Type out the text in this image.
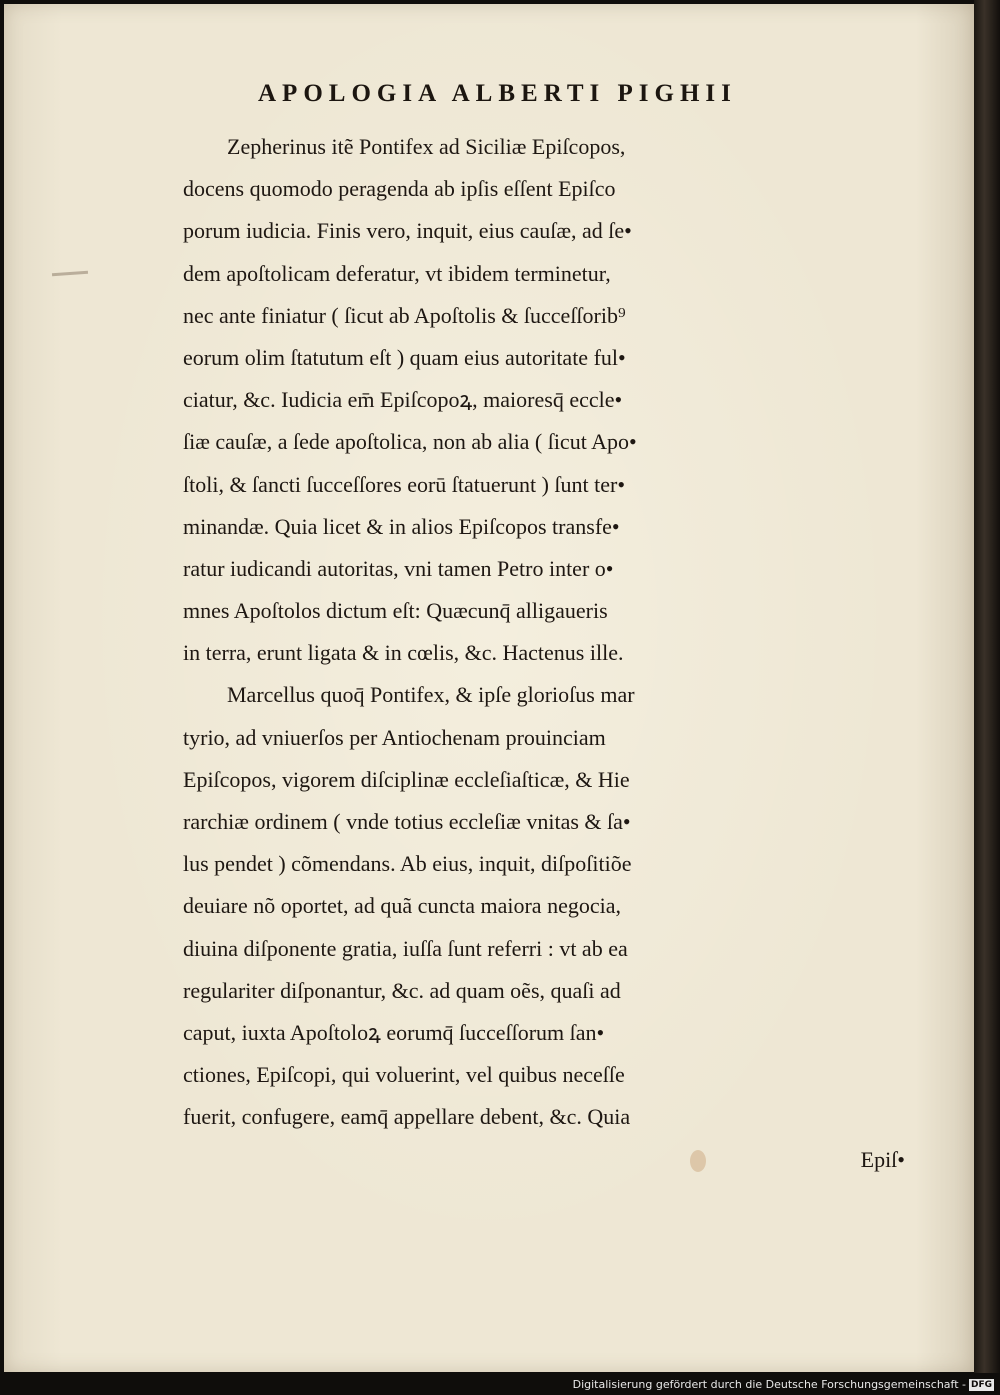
APOLOGIA ALBERTI PIGHII
Zepherinus itẽ Pontifex ad Siciliæ Epiſcopos,
docens quomodo peragenda ab ipſis eſſent Epiſco
porum iudicia. Finis vero, inquit, eius cauſæ, ad ſe•
dem apoſtolicam deferatur, vt ibidem terminetur,
nec ante finiatur ( ſicut ab Apoſtolis & ſucceſſorib⁹
eorum olim ſtatutum eſt ) quam eius autoritate ful•
ciatur, &c. Iudicia em̄ Epiſcopoꝝ, maioresq̄ eccle•
ſiæ cauſæ, a ſede apoſtolica, non ab alia ( ſicut Apo•
ſtoli, & ſancti ſucceſſores eorū ſtatuerunt ) ſunt ter•
minandæ. Quia licet & in alios Epiſcopos transfe•
ratur iudicandi autoritas, vni tamen Petro inter o•
mnes Apoſtolos dictum eſt: Quæcunq̄ alligaueris
in terra, erunt ligata & in cœlis, &c. Hactenus ille.
Marcellus quoq̄ Pontifex, & ipſe glorioſus mar
tyrio, ad vniuerſos per Antiochenam prouinciam
Epiſcopos, vigorem diſciplinæ eccleſiaſticæ, & Hie
rarchiæ ordinem ( vnde totius eccleſiæ vnitas & ſa•
lus pendet ) cõmendans. Ab eius, inquit, diſpoſitiõe
deuiare nõ oportet, ad quã cuncta maiora negocia,
diuina diſponente gratia, iuſſa ſunt referri : vt ab ea
regulariter diſponantur, &c. ad quam oẽs, quaſi ad
caput, iuxta Apoſtoloꝝ eorumq̄ ſucceſſorum ſan•
ctiones, Epiſcopi, qui voluerint, vel quibus neceſſe
fuerit, confugere, eamq̄ appellare debent, &c. Quia
Epiſ•
Digitalisierung gefördert durch die Deutsche Forschungsgemeinschaft - DFG
